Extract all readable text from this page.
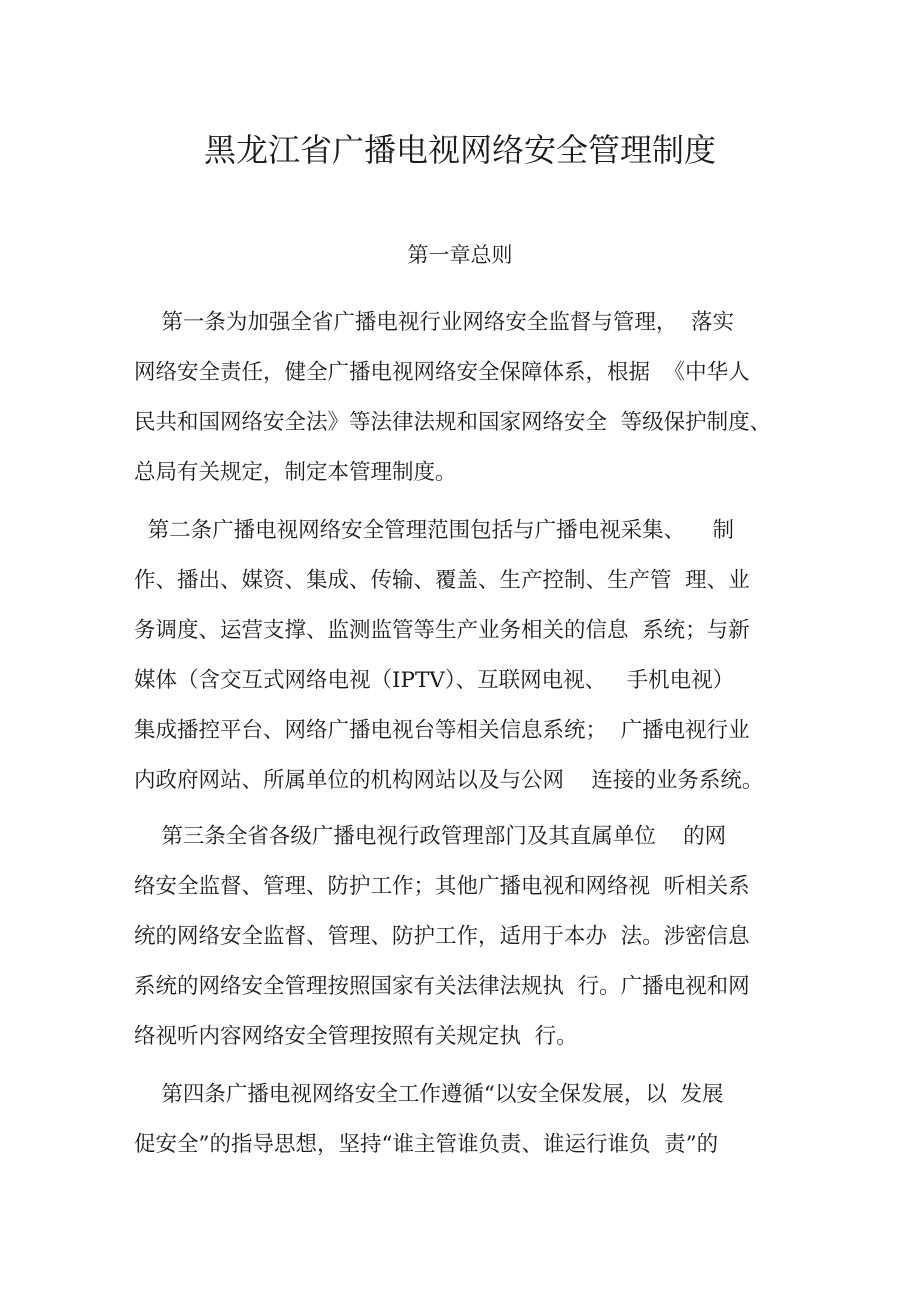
黑龙江省广播电视网络安全管理制度
第一章总则
第一条为加强全省广播电视行业网络安全监督与管理，  落实
网络安全责任，健全广播电视网络安全保障体系，根据  《中华人
民共和国网络安全法》等法律法规和国家网络安全  等级保护制度、
总局有关规定，制定本管理制度。
第二条广播电视网络安全管理范围包括与广播电视采集、    制
作、播出、媒资、集成、传输、覆盖、生产控制、生产管  理、业
务调度、运营支撑、监测监管等生产业务相关的信息  系统；与新
媒体（含交互式网络电视（IPTV）、互联网电视、   手机电视）
集成播控平台、网络广播电视台等相关信息系统；  广播电视行业
内政府网站、所属单位的机构网站以及与公网    连接的业务系统。
第三条全省各级广播电视行政管理部门及其直属单位    的网
络安全监督、管理、防护工作；其他广播电视和网络视  听相关系
统的网络安全监督、管理、防护工作，适用于本办  法。涉密信息
系统的网络安全管理按照国家有关法律法规执  行。广播电视和网
络视听内容网络安全管理按照有关规定执  行。
第四条广播电视网络安全工作遵循“以安全保发展，以  发展
促安全”的指导思想，坚持“谁主管谁负责、谁运行谁负  责”的
